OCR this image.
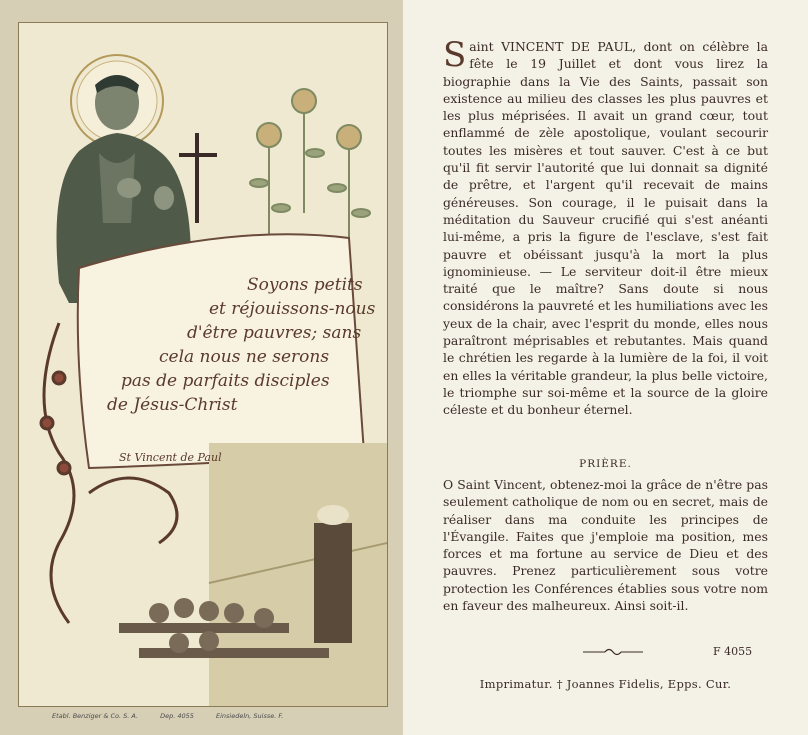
Soyons petits
et réjouissons-nous
d'être pauvres; sans
cela nous ne serons
pas de parfaits disciples
de Jésus-Christ
St Vincent de Paul
Etabl. Benziger & Co. S. A.	Dep. 4055	Einsiedeln, Suisse. F.
S aint VINCENT DE PAUL, dont on célèbre la fête le 19 Juillet et dont vous lirez la biographie dans la Vie des Saints, passait son existence au milieu des classes les plus pauvres et les plus méprisées. Il avait un grand cœur, tout enflammé de zèle apostolique, voulant secourir toutes les misères et tout sauver. C'est à ce but qu'il fit servir l'autorité que lui donnait sa dignité de prêtre, et l'argent qu'il recevait de mains généreuses. Son courage, il le puisait dans la méditation du Sauveur crucifié qui s'est anéanti lui-même, a pris la figure de l'esclave, s'est fait pauvre et obéissant jusqu'à la mort la plus ignominieuse. — Le serviteur doit-il être mieux traité que le maître? Sans doute si nous considérons la pauvreté et les humiliations avec les yeux de la chair, avec l'esprit du monde, elles nous paraîtront méprisables et rebutantes. Mais quand le chrétien les regarde à la lumière de la foi, il voit en elles la véritable grandeur, la plus belle victoire, le triomphe sur soi-même et la source de la gloire céleste et du bonheur éternel.
PRIÈRE.
O Saint Vincent, obtenez-moi la grâce de n'être pas seulement catholique de nom ou en secret, mais de réaliser dans ma conduite les principes de l'Évangile. Faites que j'emploie ma position, mes forces et ma fortune au service de Dieu et des pauvres. Prenez particulièrement sous votre protection les Conférences établies sous votre nom en faveur des malheureux. Ainsi soit-il.
F 4055
Imprimatur. † Joannes Fidelis, Epps. Cur.
